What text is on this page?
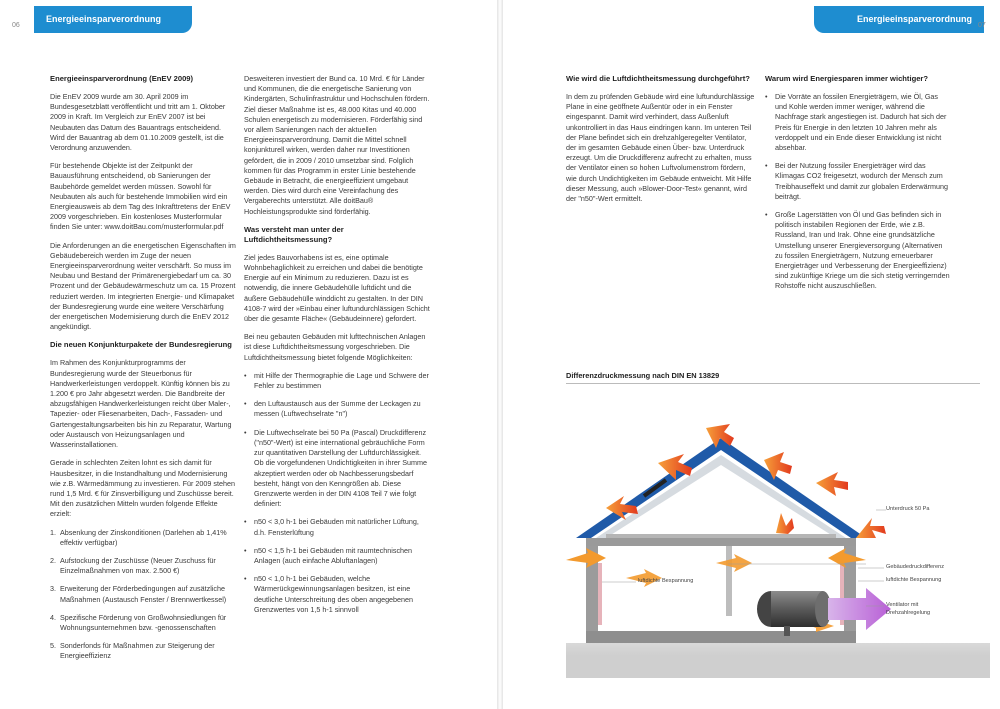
Energieeinsparverordnung
06
Energieeinsparverordnung (EnEV 2009)

Die EnEV 2009 wurde am 30. April 2009 im Bundesgesetzblatt veröffentlicht und tritt am 1. Oktober 2009 in Kraft. Im Vergleich zur EnEV 2007 ist bei Neubauten das Datum des Bauantrags entscheidend. Wird der Bauantrag ab dem 01.10.2009 gestellt, ist die Verordnung anzuwenden.

Für bestehende Objekte ist der Zeitpunkt der Bauausführung entscheidend, ob Sanierungen der Baubehörde gemeldet werden müssen. Sowohl für Neubauten als auch für bestehende Immobilien wird ein Energieausweis ab dem Tag des Inkrafttretens der EnEV 2009 vorgeschrieben. Ein kostenloses Musterformular finden Sie unter: www.doitBau.com/musterformular.pdf

Die Anforderungen an die energetischen Eigenschaften im Gebäudebereich werden im Zuge der neuen Energieeinsparverordnung weiter verschärft. So muss im Neubau und Bestand der Primärenergiebedarf um ca. 30 Prozent und der Gebäudewärmeschutz um ca. 15 Prozent reduziert werden. Im integrierten Energie- und Klimapaket der Bundesregierung wurde eine weitere Verschärfung der energetischen Modernisierung durch die EnEV 2012 angekündigt.

Die neuen Konjunkturpakete der Bundesregierung

Im Rahmen des Konjunkturprogramms der Bundesregierung wurde der Steuerbonus für Handwerkerleistungen verdoppelt. Künftig können bis zu 1.200 € pro Jahr abgesetzt werden. Die Bandbreite der abzugsfähigen Handwerkerleistungen reicht über Maler-, Tapezier- oder Fliesenarbeiten, Dach-, Fassaden- und Gartengestaltungsarbeiten bis hin zu Reparatur, Wartung oder Austausch von Heizungsanlagen und Wasserinstallationen.

Gerade in schlechten Zeiten lohnt es sich damit für Hausbesitzer, in die Instandhaltung und Modernisierung wie z.B. Wärmedämmung zu investieren. Für 2009 stehen rund 1,5 Mrd. € für Zinsverbilligung und Zuschüsse bereit. Mit den zusätzlichen Mitteln wurden folgende Effekte erzielt:

1. Absenkung der Zinskonditionen (Darlehen ab 1,41% effektiv verfügbar)
2. Aufstockung der Zuschüsse (Neuer Zuschuss für Einzelmaßnahmen von max. 2.500 €)
3. Erweiterung der Förderbedingungen auf zusätzliche Maßnahmen (Austausch Fenster / Brennwertkessel)
4. Spezifische Förderung von Großwohnsiedlungen für Wohnungsunternehmen bzw. -genossenschaften
5. Sonderfonds für Maßnahmen zur Steigerung der Energieeffizienz

Desweiteren investiert der Bund ca. 10 Mrd. € für Länder und Kommunen, die die energetische Sanierung von Kindergärten, Schulinfrastruktur und Hochschulen fördern. Ziel dieser Maßnahme ist es, 48.000 Kitas und 40.000 Schulen energetisch zu modernisieren. Förderfähig sind vor allem Sanierungen nach der aktuellen Energieeinsparverordnung. Damit die Mittel schnell konjunkturell wirken, werden daher nur Investitionen gefördert, die in 2009 / 2010 umsetzbar sind. Folglich kommen für das Programm in erster Linie bestehende Gebäude in Betracht, die energieeffizient umgebaut werden. Dies wird durch eine Vereinfachung des Vergaberechts unterstützt. Alle doitBau® Hochleistungsprodukte sind förderfähig.

Was versteht man unter der Luftdichtheitsmessung?

Ziel jedes Bauvorhabens ist es, eine optimale Wohnbehaglichkeit zu erreichen und dabei die benötigte Energie auf ein Minimum zu reduzieren. Dazu ist es notwendig, die innere Gebäudehülle luftdicht und die äußere Gebäudehülle winddicht zu gestalten. In der DIN 4108-7 wird der »Einbau einer luftundurchlässigen Schicht über die gesamte Fläche« (Gebäudeinnere) gefordert.

Bei neu gebauten Gebäuden mit lufttechnischen Anlagen ist diese Luftdichtheitsmessung vorgeschrieben. Die Luftdichtheitsmessung bietet folgende Möglichkeiten:

•	mit Hilfe der Thermographie die Lage und Schwere der Fehler zu bestimmen
•	den Luftaustausch aus der Summe der Leckagen zu messen (Luftwechselrate "n")
•	Die Luftwechselrate bei 50 Pa (Pascal) Druckdifferenz ("n50"-Wert) ist eine international gebräuchliche Form zur quantitativen Darstellung der Luftdurchlässigkeit. Ob die vorgefundenen Undichtigkeiten in ihrer Summe akzeptiert werden oder ob Nachbesserungsbedarf besteht, hängt von den Kenngrößen ab. Diese Grenzwerte werden in der DIN 4108 Teil 7 wie folgt definiert:
•	n50 < 3,0 h-1 bei Gebäuden mit natürlicher Lüftung, d.h. Fensterlüftung
•	n50 < 1,5 h-1 bei Gebäuden mit raumtechnischen Anlagen (auch einfache Abluftanlagen)
•	n50 < 1,0 h-1 bei Gebäuden, welche Wärmerückgewinnungsanlagen besitzen, ist eine deutliche Unterschreitung des oben angegebenen Grenzwertes von 1,5 h-1 sinnvoll
Energieeinsparverordnung
07
Wie wird die Luftdichtheitsmessung durchgeführt?

In dem zu prüfenden Gebäude wird eine luftundurchlässige Plane in eine geöffnete Außentür oder in ein Fenster eingespannt. Damit wird verhindert, dass Außenluft unkontrolliert in das Haus eindringen kann. Im unteren Teil der Plane befindet sich ein drehzahlgeregelter Ventilator, der im gesamten Gebäude einen Über- bzw. Unterdruck erzeugt. Um die Druckdifferenz aufrecht zu erhalten, muss der Ventilator einen so hohen Luftvolumenstrom fördern, wie durch Undichtigkeiten im Gebäude entweicht. Mit Hilfe dieser Messung, auch »Blower-Door-Test« genannt, wird der "n50"-Wert ermittelt.

Warum wird Energiesparen immer wichtiger?
•	Die Vorräte an fossilen Energieträgern, wie Öl, Gas und Kohle werden immer weniger, während die Nachfrage stark angestiegen ist. Dadurch hat sich der Preis für Energie in den letzten 10 Jahren mehr als verdoppelt und ein Ende dieser Entwicklung ist nicht absehbar.
•	Bei der Nutzung fossiler Energieträger wird das Klimagas CO2 freigesetzt, wodurch der Mensch zum Treibhauseffekt und damit zur globalen Erderwärmung beiträgt.
•	Große Lagerstätten von Öl und Gas befinden sich in politisch instabilen Regionen der Erde, wie z.B. Russland, Iran und Irak. Ohne eine grundsätzliche Umstellung unserer Energieversorgung (Alternativen zu fossilen Energieträgern, Nutzung erneuerbarer Energieträger und Verbesserung der Energieeffizienz) sind zukünftige Kriege um die sich stetig verringernden Rohstoffe nicht auszuschließen.
Differenzdruckmessung nach DIN EN 13829
Unterdruck 50 Pa
Gebäudedruckdifferenz
luftdichte Bespannung
luftdichte Bespannung
Ventilator mit
Drehzahlregelung
